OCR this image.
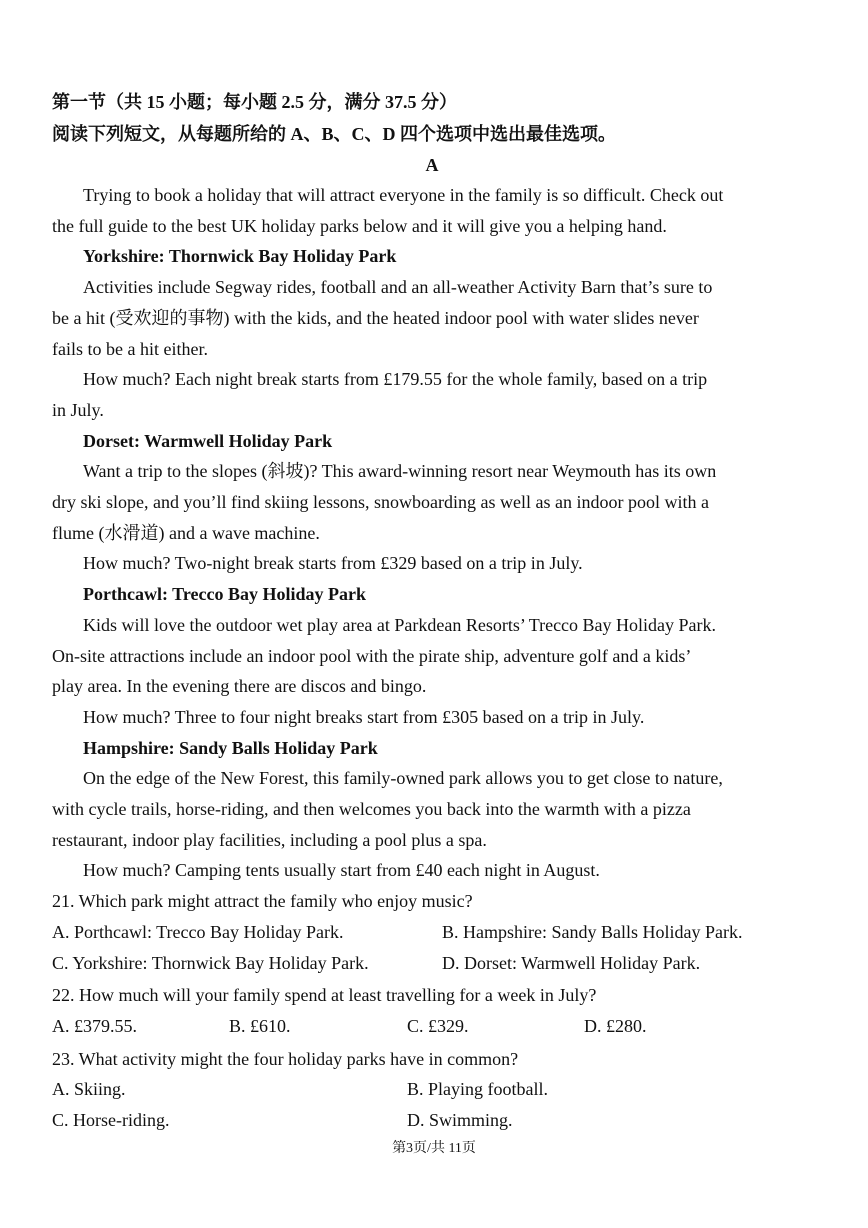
第一节（共 15 小题；每小题 2.5 分，满分 37.5 分）
阅读下列短文，从每题所给的 A、B、C、D 四个选项中选出最佳选项。
A
Trying to book a holiday that will attract everyone in the family is so difficult. Check out
the full guide to the best UK holiday parks below and it will give you a helping hand.
Yorkshire: Thornwick Bay Holiday Park
Activities include Segway rides, football and an all-weather Activity Barn that’s sure to
be a hit (受欢迎的事物) with the kids, and the heated indoor pool with water slides never
fails to be a hit either.
How much? Each night break starts from £179.55 for the whole family, based on a trip
in July.
Dorset: Warmwell Holiday Park
Want a trip to the slopes (斜坡)? This award-winning resort near Weymouth has its own
dry ski slope, and you’ll find skiing lessons, snowboarding as well as an indoor pool with a
flume (水滑道) and a wave machine.
How much? Two-night break starts from £329 based on a trip in July.
Porthcawl: Trecco Bay Holiday Park
Kids will love the outdoor wet play area at Parkdean Resorts’ Trecco Bay Holiday Park.
On-site attractions include an indoor pool with the pirate ship, adventure golf and a kids’
play area. In the evening there are discos and bingo.
How much? Three to four night breaks start from £305 based on a trip in July.
Hampshire: Sandy Balls Holiday Park
On the edge of the New Forest, this family-owned park allows you to get close to nature,
with cycle trails, horse-riding, and then welcomes you back into the warmth with a pizza
restaurant, indoor play facilities, including a pool plus a spa.
How much? Camping tents usually start from £40 each night in August.
21. Which park might attract the family who enjoy music?
A. Porthcawl: Trecco Bay Holiday Park.	B. Hampshire: Sandy Balls Holiday Park.
C. Yorkshire: Thornwick Bay Holiday Park.	D. Dorset: Warmwell Holiday Park.
22. How much will your family spend at least travelling for a week in July?
A. £379.55.	B. £610.	C. £329.	D. £280.
23. What activity might the four holiday parks have in common?
A. Skiing.	B. Playing football.
C. Horse-riding.	D. Swimming.
第3页/共 11页
